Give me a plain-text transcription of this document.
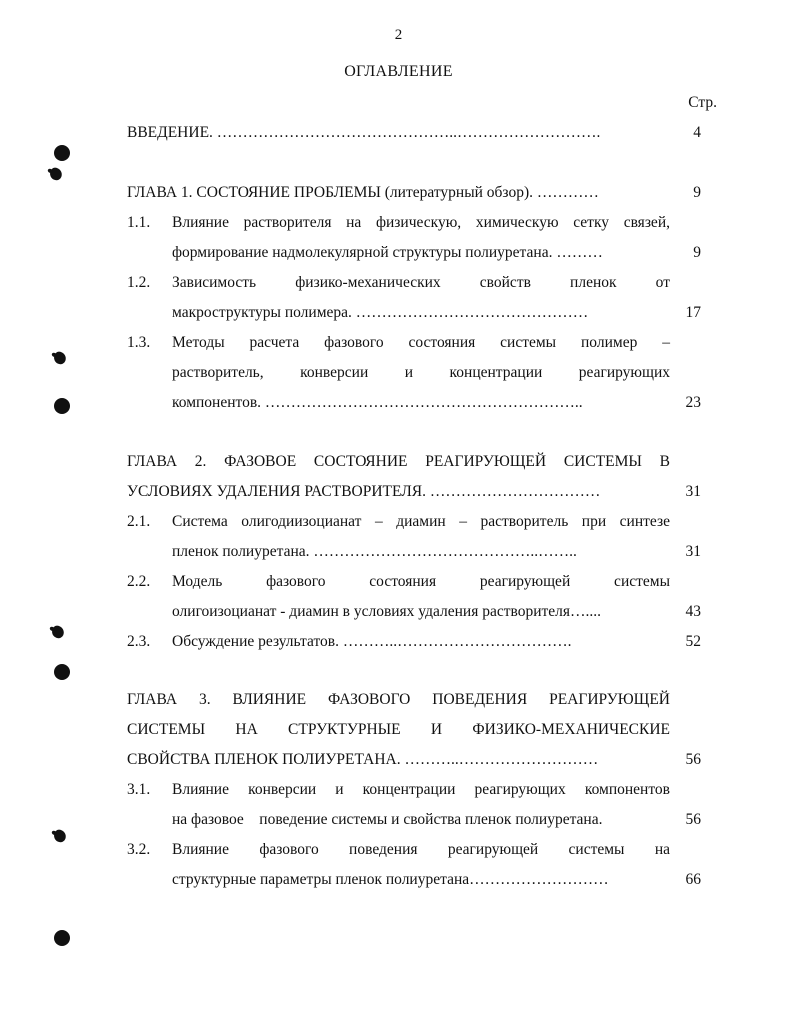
2
ОГЛАВЛЕНИЕ
Стр.
ВВЕДЕНИЕ. ………………………………………..……………………….	4
ГЛАВА 1. СОСТОЯНИЕ ПРОБЛЕМЫ (литературный обзор). …………	9
1.1. Влияние растворителя на физическую, химическую сетку связей,
формирование надмолекулярной структуры полиуретана. ………	9
1.2. Зависимость физико-механических свойств пленок от
макроструктуры полимера. ………………………………………	17
1.3. Методы расчета фазового состояния системы полимер –
растворитель, конверсии и концентрации реагирующих
компонентов. ……………………………………………………..	23
ГЛАВА 2. ФАЗОВОЕ СОСТОЯНИЕ РЕАГИРУЮЩЕЙ СИСТЕМЫ В
УСЛОВИЯХ УДАЛЕНИЯ РАСТВОРИТЕЛЯ. ……………………………	31
2.1. Система олигодиизоцианат – диамин – растворитель при синтезе
пленок полиуретана. ……………………………………..……..	31
2.2. Модель фазового состояния реагирующей системы
олигоизоцианат - диамин в условиях удаления растворителя…....	43
2.3. Обсуждение результатов. ………..…………………………….	52
ГЛАВА 3. ВЛИЯНИЕ ФАЗОВОГО ПОВЕДЕНИЯ РЕАГИРУЮЩЕЙ
СИСТЕМЫ НА СТРУКТУРНЫЕ И ФИЗИКО-МЕХАНИЧЕСКИЕ
СВОЙСТВА ПЛЕНОК ПОЛИУРЕТАНА. ………..………………………	56
3.1. Влияние конверсии и концентрации реагирующих компонентов
на фазовое    поведение системы и свойства пленок полиуретана.	56
3.2. Влияние фазового поведения реагирующей системы на
структурные параметры пленок полиуретана………………………	66
